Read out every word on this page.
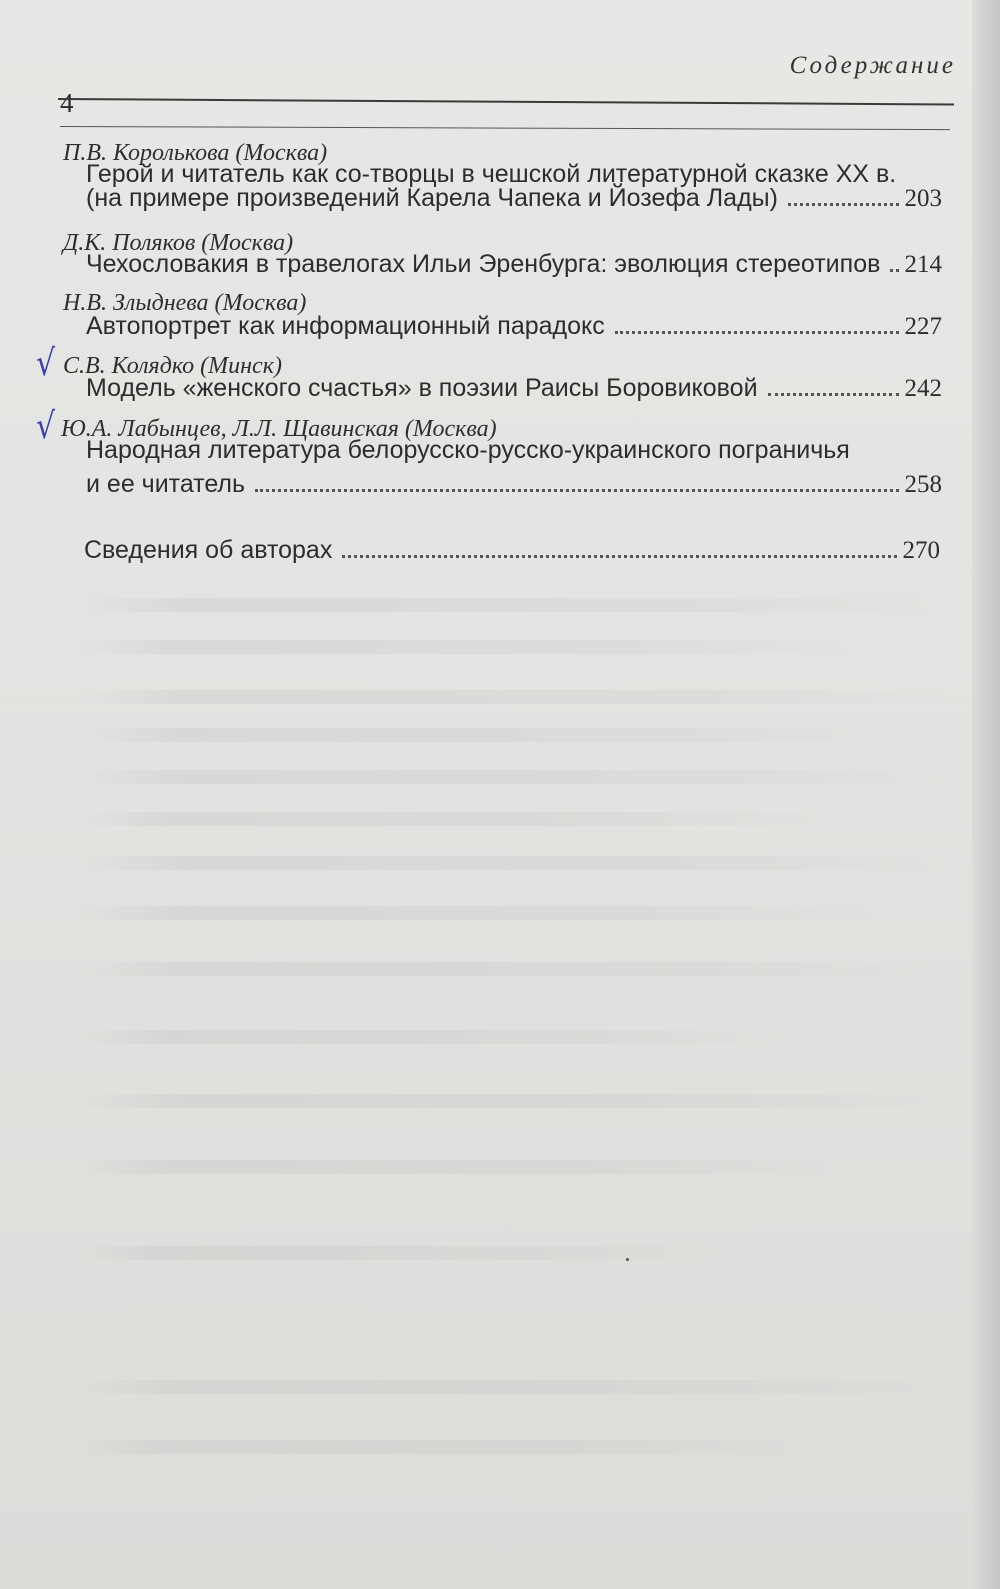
Содержание
4
П.В. Королькова (Москва)
Герой и читатель как со-творцы в чешской литературной сказке XX в.
(на примере произведений Карела Чапека и Йозефа Лады)	203
Д.К. Поляков (Москва)
Чехословакия в травелогах Ильи Эренбурга: эволюция стереотипов 214
Н.В. Злыднева (Москва)
Автопортрет как информационный парадокс	227
√ С.В. Колядко (Минск)
Модель «женского счастья» в поэзии Раисы Боровиковой	242
√ Ю.А. Лабынцев, Л.Л. Щавинская (Москва)
Народная литература белорусско-русско-украинского пограничья
и ее читатель	258
Сведения об авторах	270
